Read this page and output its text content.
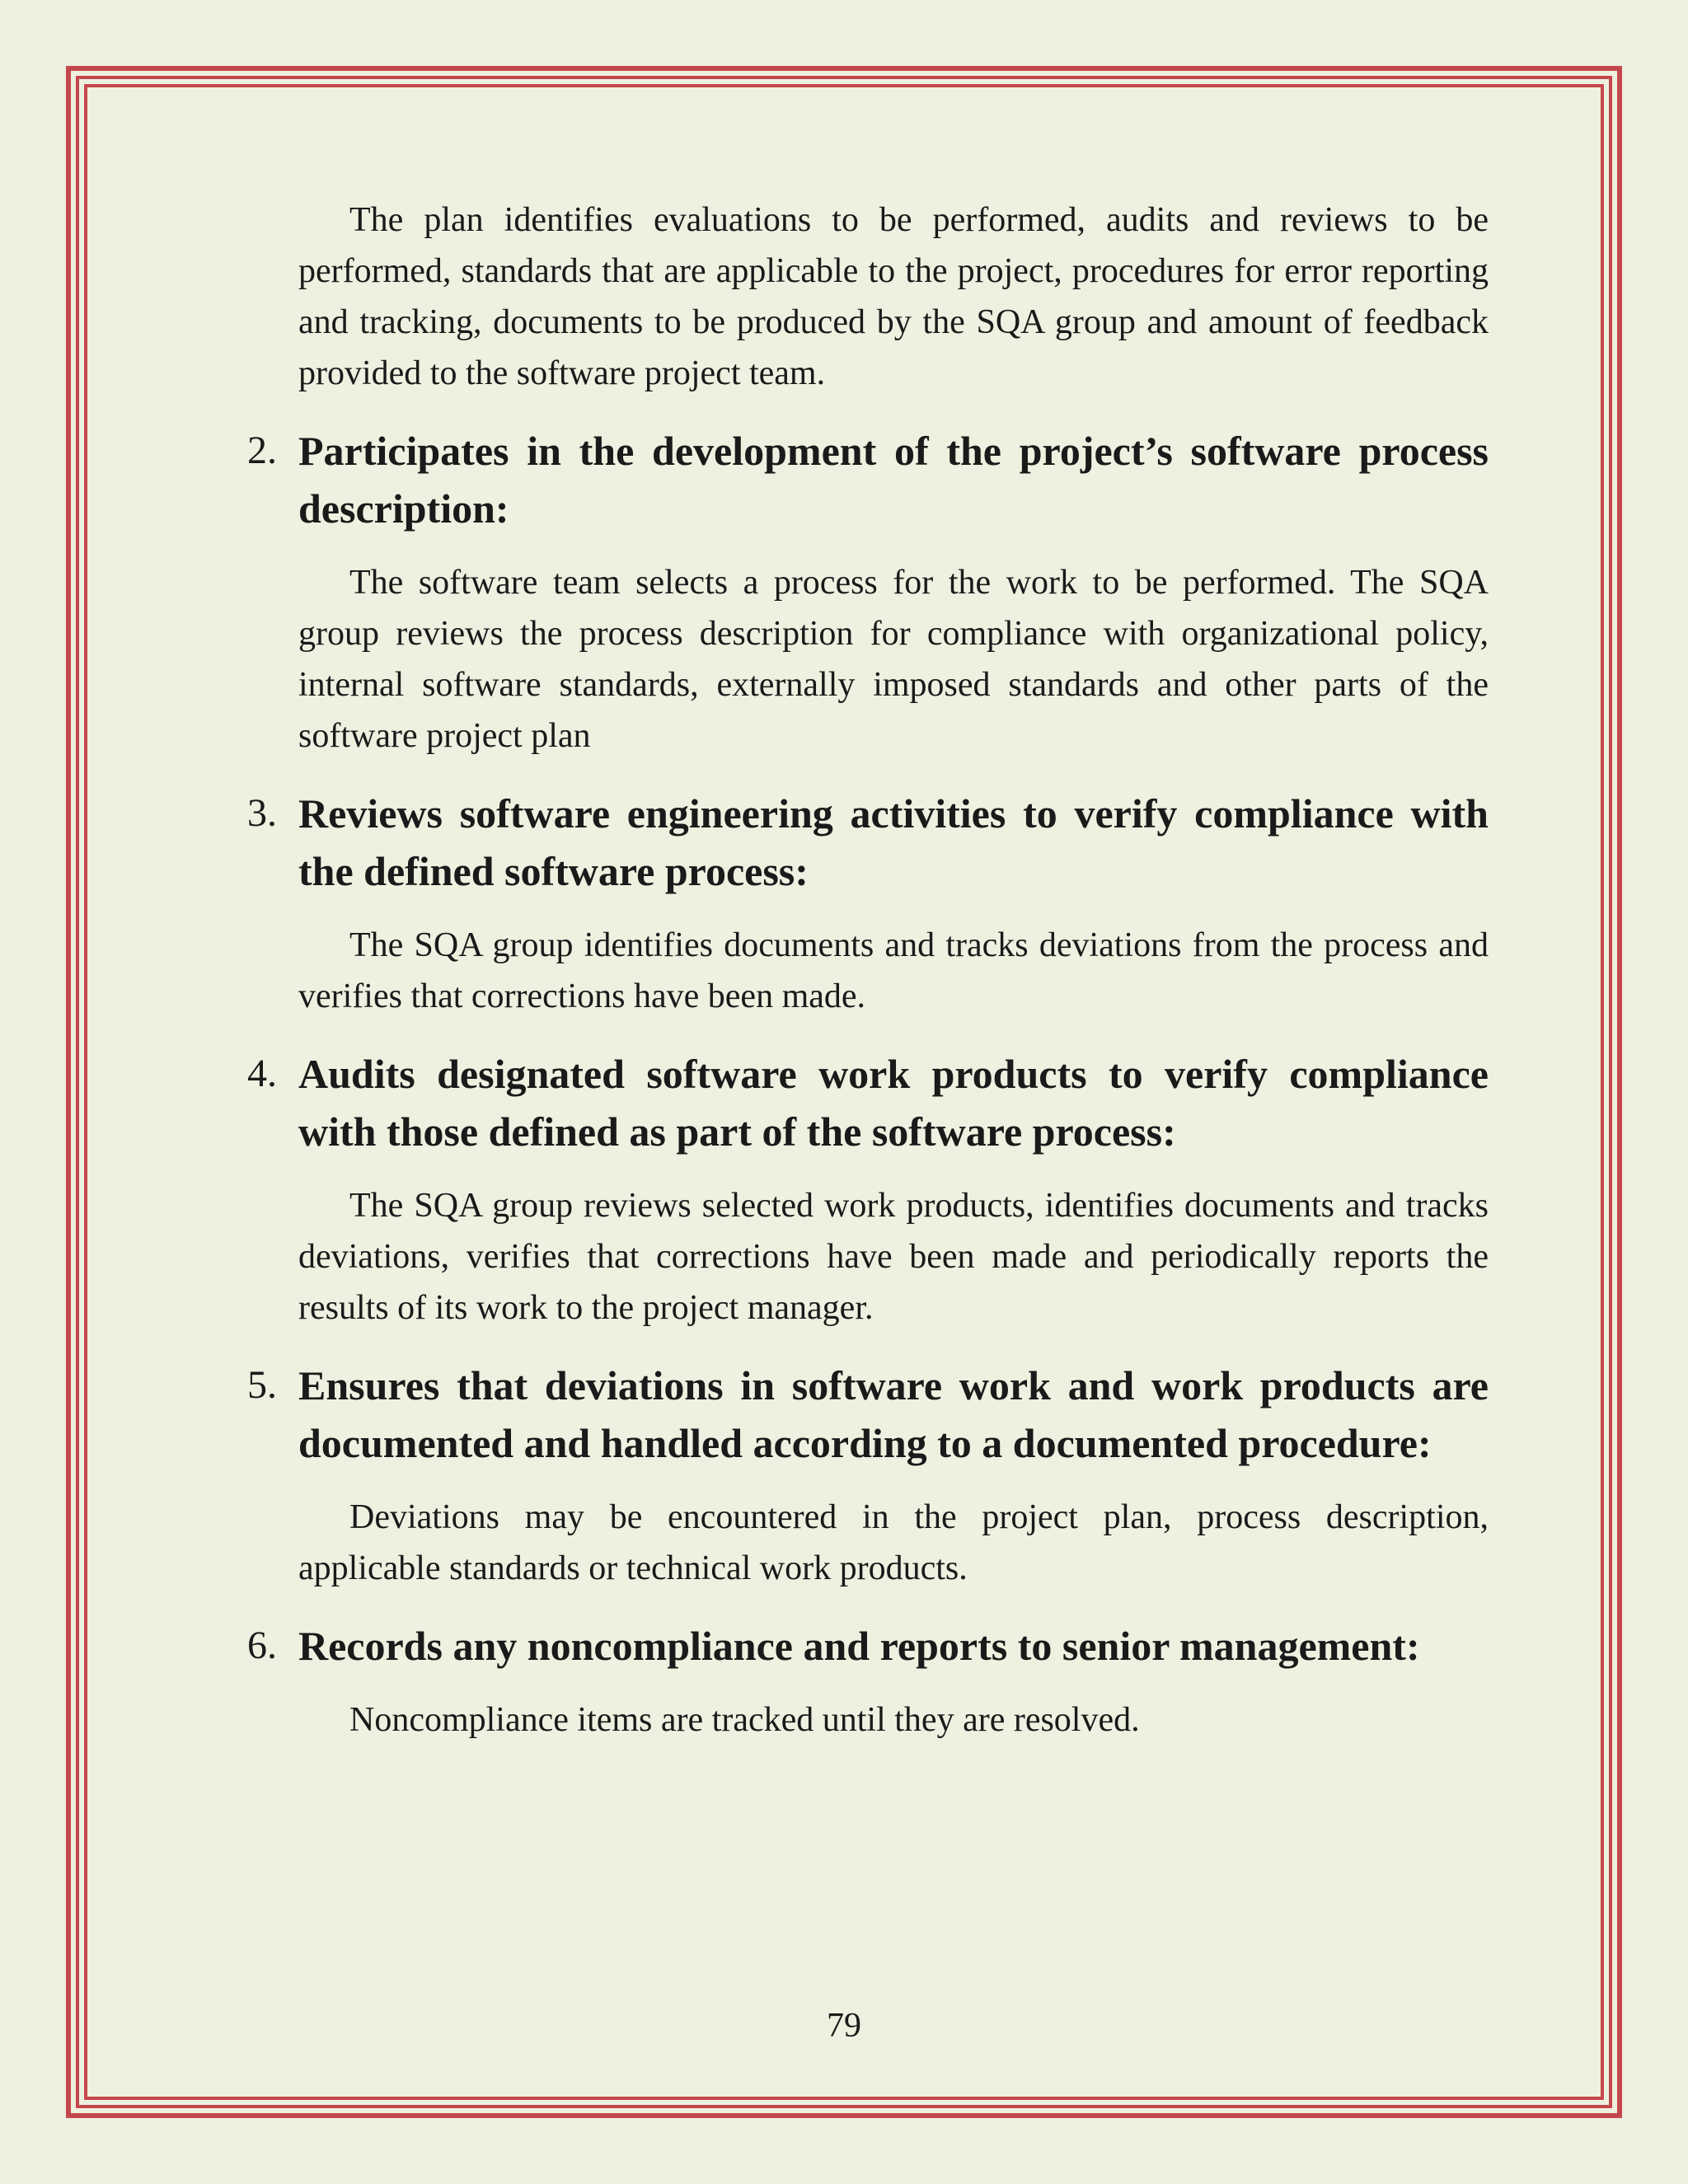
The plan identifies evaluations to be performed, audits and reviews to be performed, standards that are applicable to the project, procedures for error reporting and tracking, documents to be produced by the SQA group and amount of feedback provided to the software project team.

2. Participates in the development of the project’s software process description:

The software team selects a process for the work to be performed. The SQA group reviews the process description for compliance with organizational policy, internal software standards, externally imposed standards and other parts of the software project plan

3. Reviews software engineering activities to verify compliance with the defined software process:

The SQA group identifies documents and tracks deviations from the process and verifies that corrections have been made.

4. Audits designated software work products to verify compliance with those defined as part of the software process:

The SQA group reviews selected work products, identifies documents and tracks deviations, verifies that corrections have been made and periodically reports the results of its work to the project manager.

5. Ensures that deviations in software work and work products are documented and handled according to a documented procedure:

Deviations may be encountered in the project plan, process description, applicable standards or technical work products.

6. Records any noncompliance and reports to senior management:

Noncompliance items are tracked until they are resolved.

79
